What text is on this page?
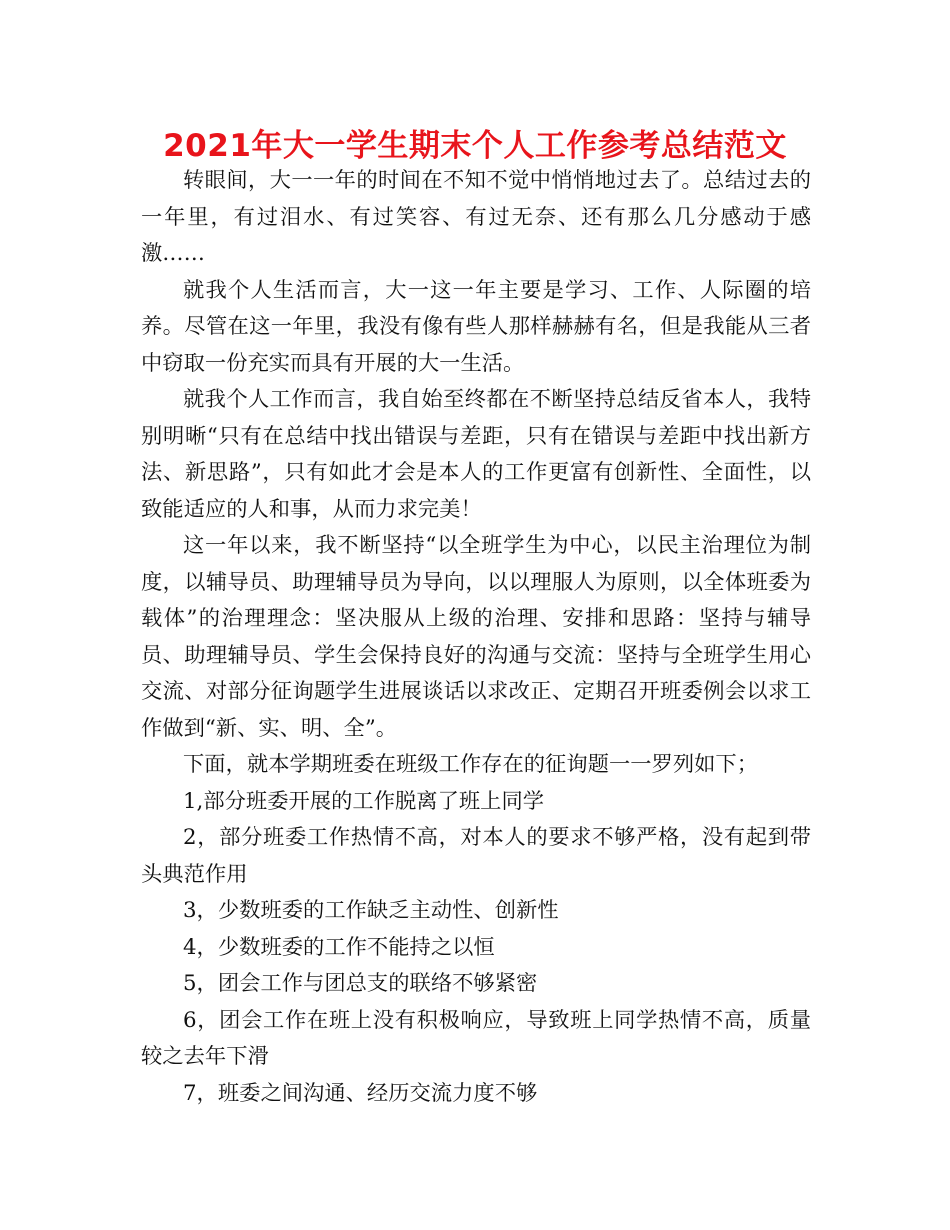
2021年大一学生期末个人工作参考总结范文

转眼间，大一一年的时间在不知不觉中悄悄地过去了。总结过去的一年里，有过泪水、有过笑容、有过无奈、还有那么几分感动于感激……

就我个人生活而言，大一这一年主要是学习、工作、人际圈的培养。尽管在这一年里，我没有像有些人那样赫赫有名，但是我能从三者中窃取一份充实而具有开展的大一生活。

就我个人工作而言，我自始至终都在不断坚持总结反省本人，我特别明晰“只有在总结中找出错误与差距，只有在错误与差距中找出新方法、新思路”，只有如此才会是本人的工作更富有创新性、全面性，以致能适应的人和事，从而力求完美！

这一年以来，我不断坚持“以全班学生为中心，以民主治理位为制度，以辅导员、助理辅导员为导向，以以理服人为原则，以全体班委为载体”的治理理念：坚决服从上级的治理、安排和思路：坚持与辅导员、助理辅导员、学生会保持良好的沟通与交流：坚持与全班学生用心交流、对部分征询题学生进展谈话以求改正、定期召开班委例会以求工作做到“新、实、明、全”。

下面，就本学期班委在班级工作存在的征询题一一罗列如下；

1,部分班委开展的工作脱离了班上同学

2，部分班委工作热情不高，对本人的要求不够严格，没有起到带头典范作用

3，少数班委的工作缺乏主动性、创新性

4，少数班委的工作不能持之以恒

5，团会工作与团总支的联络不够紧密

6，团会工作在班上没有积极响应，导致班上同学热情不高，质量较之去年下滑

7，班委之间沟通、经历交流力度不够
